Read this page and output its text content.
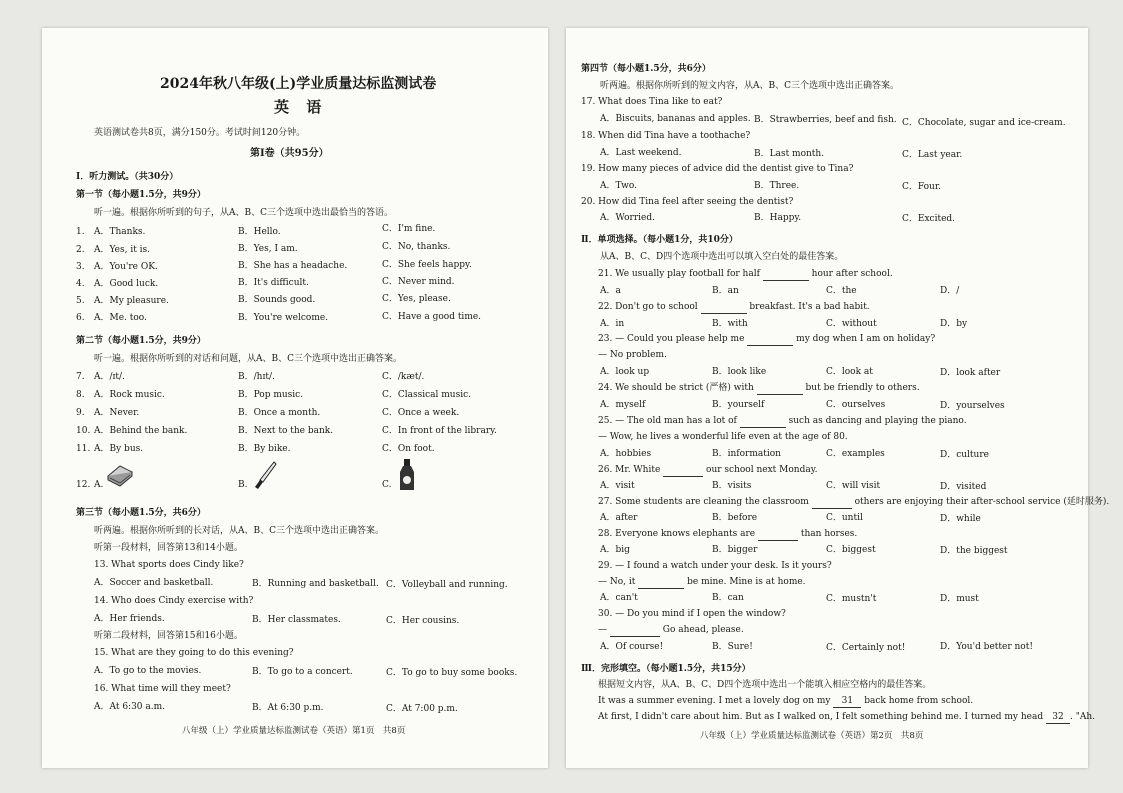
2024年秋八年级(上)学业质量达标监测试卷
英 语
英语测试卷共8页，满分150分。考试时间120分钟。
第Ⅰ卷（共95分）
Ⅰ．听力测试。（共30分）
第一节（每小题1.5分，共9分）
听一遍。根据你所听到的句子，从A、B、C三个选项中选出最恰当的答语。
1. A．Thanks.	B．Hello.	C．I'm fine.
2. A．Yes, it is.	B．Yes, I am.	C．No, thanks.
3. A．You're OK.	B．She has a headache.	C．She feels happy.
4. A．Good luck.	B．It's difficult.	C．Never mind.
5. A．My pleasure.	B．Sounds good.	C．Yes, please.
6. A．Me. too.	B．You're welcome.	C．Have a good time.
第二节（每小题1.5分，共9分）
听一遍。根据你所听到的对话和问题，从A、B、C三个选项中选出正确答案。
7. A．/ɪt/.	B．/hɪt/.	C．/kæt/.
8. A．Rock music.	B．Pop music.	C．Classical music.
9. A．Never.	B．Once a month.	C．Once a week.
10. A．Behind the bank.	B．Next to the bank.	C．In front of the library.
11. A．By bus.	B．By bike.	C．On foot.
12. A.	B.	C.
第三节（每小题1.5分，共6分）
听两遍。根据你所听到的长对话，从A、B、C三个选项中选出正确答案。
听第一段材料，回答第13和14小题。
13. What sports does Cindy like?
A．Soccer and basketball.	B．Running and basketball. C．Volleyball and running.
14. Who does Cindy exercise with?
A．Her friends.	B．Her classmates.	C．Her cousins.
听第二段材料，回答第15和16小题。
15. What are they going to do this evening?
A．To go to the movies.	B．To go to a concert.	C．To go to buy some books.
16. What time will they meet?
A．At 6:30 a.m.	B．At 6:30 p.m.	C．At 7:00 p.m.
八年级（上）学业质量达标监测试卷（英语）第1页　共8页
第四节（每小题1.5分，共6分）
听两遍。根据你所听到的短文内容，从A、B、C三个选项中选出正确答案。
17. What does Tina like to eat?
A．Biscuits, bananas and apples. B．Strawberries, beef and fish. C．Chocolate, sugar and ice-cream.
18. When did Tina have a toothache?
A．Last weekend.	B．Last month.	C．Last year.
19. How many pieces of advice did the dentist give to Tina?
A．Two.	B．Three.	C．Four.
20. How did Tina feel after seeing the dentist?
A．Worried.	B．Happy.	C．Excited.
Ⅱ．单项选择。（每小题1分，共10分）
从A、B、C、D四个选项中选出可以填入空白处的最佳答案。
21. We usually play football for half	hour after school.
A．a	B．an	C．the	D．/
22. Don't go to school	breakfast. It's a bad habit.
A．in	B．with	C．without	D．by
23. — Could you please help me	my dog when I am on holiday?
— No problem.
A．look up	B．look like	C．look at	D．look after
24. We should be strict (严格) with	but be friendly to others.
A．myself	B．yourself	C．ourselves	D．yourselves
25. — The old man has a lot of	such as dancing and playing the piano.
— Wow, he lives a wonderful life even at the age of 80.
A．hobbies	B．information	C．examples	D．culture
26. Mr. White	our school next Monday.
A．visit	B．visits	C．will visit	D．visited
27. Some students are cleaning the classroom	others are enjoying their after-school service (延时服务).
A．after	B．before	C．until	D．while
28. Everyone knows elephants are	than horses.
A．big	B．bigger	C．biggest	D．the biggest
29. — I found a watch under your desk. Is it yours?
— No, it	be mine. Mine is at home.
A．can't	B．can	C．mustn't	D．must
30. — Do you mind if I open the window?
—	Go ahead, please.
A．Of course!	B．Sure!	C．Certainly not!	D．You'd better not!
Ⅲ．完形填空。（每小题1.5分，共15分）
根据短文内容，从A、B、C、D四个选项中选出一个能填入相应空格内的最佳答案。
It was a summer evening. I met a lovely dog on my 31 back home from school.
At first, I didn't care about him. But as I walked on, I felt something behind me. I turned my head 32 . "Ah.
八年级（上）学业质量达标监测试卷（英语）第2页　共8页
